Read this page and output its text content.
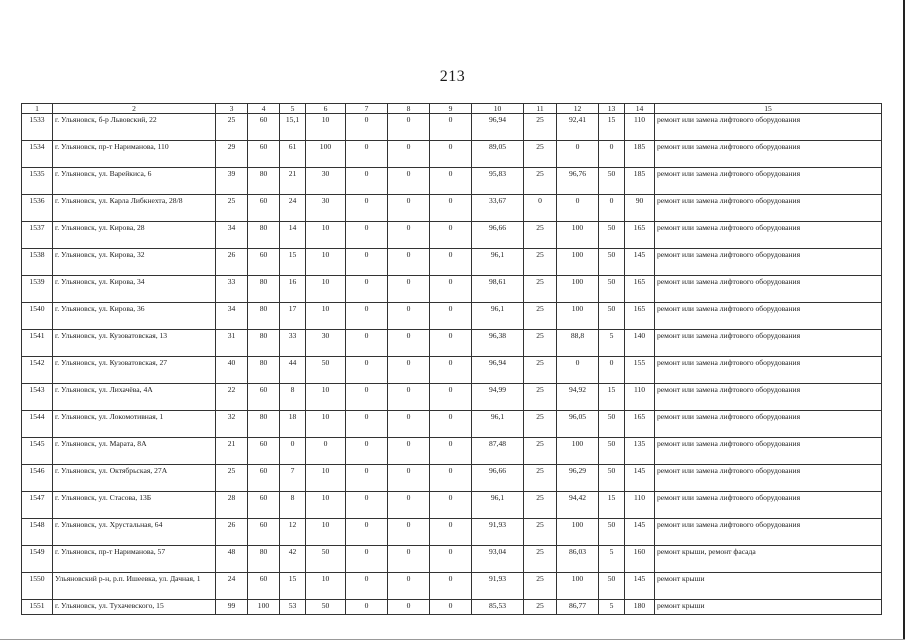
213
1	2	3	4	5	6	7	8	9	10	11	12	13	14	15
1533	г. Ульяновск, б-р Львовский, 22	25	60	15,1	10	0	0	0	96,94	25	92,41	15	110	ремонт или замена лифтового оборудования
1534	г. Ульяновск, пр-т Нариманова, 110	29	60	61	100	0	0	0	89,05	25	0	0	185	ремонт или замена лифтового оборудования
1535	г. Ульяновск, ул. Варейкиса, 6	39	80	21	30	0	0	0	95,83	25	96,76	50	185	ремонт или замена лифтового оборудования
1536	г. Ульяновск, ул. Карла Либкнехта, 28/8	25	60	24	30	0	0	0	33,67	0	0	0	90	ремонт или замена лифтового оборудования
1537	г. Ульяновск, ул. Кирова, 28	34	80	14	10	0	0	0	96,66	25	100	50	165	ремонт или замена лифтового оборудования
1538	г. Ульяновск, ул. Кирова, 32	26	60	15	10	0	0	0	96,1	25	100	50	145	ремонт или замена лифтового оборудования
1539	г. Ульяновск, ул. Кирова, 34	33	80	16	10	0	0	0	98,61	25	100	50	165	ремонт или замена лифтового оборудования
1540	г. Ульяновск, ул. Кирова, 36	34	80	17	10	0	0	0	96,1	25	100	50	165	ремонт или замена лифтового оборудования
1541	г. Ульяновск, ул. Кузоватовская, 13	31	80	33	30	0	0	0	96,38	25	88,8	5	140	ремонт или замена лифтового оборудования
1542	г. Ульяновск, ул. Кузоватовская, 27	40	80	44	50	0	0	0	96,94	25	0	0	155	ремонт или замена лифтового оборудования
1543	г. Ульяновск, ул. Лихачёва, 4А	22	60	8	10	0	0	0	94,99	25	94,92	15	110	ремонт или замена лифтового оборудования
1544	г. Ульяновск, ул. Локомотивная, 1	32	80	18	10	0	0	0	96,1	25	96,05	50	165	ремонт или замена лифтового оборудования
1545	г. Ульяновск, ул. Марата, 8А	21	60	0	0	0	0	0	87,48	25	100	50	135	ремонт или замена лифтового оборудования
1546	г. Ульяновск, ул. Октябрьская, 27А	25	60	7	10	0	0	0	96,66	25	96,29	50	145	ремонт или замена лифтового оборудования
1547	г. Ульяновск, ул. Стасова, 13Б	28	60	8	10	0	0	0	96,1	25	94,42	15	110	ремонт или замена лифтового оборудования
1548	г. Ульяновск, ул. Хрустальная, 64	26	60	12	10	0	0	0	91,93	25	100	50	145	ремонт или замена лифтового оборудования
1549	г. Ульяновск, пр-т Нариманова, 57	48	80	42	50	0	0	0	93,04	25	86,03	5	160	ремонт крыши, ремонт фасада
1550	Ульяновский р-н, р.п. Ишеевка, ул. Дачная, 1	24	60	15	10	0	0	0	91,93	25	100	50	145	ремонт крыши
1551	г. Ульяновск, ул. Тухачевского, 15	99	100	53	50	0	0	0	85,53	25	86,77	5	180	ремонт крыши
